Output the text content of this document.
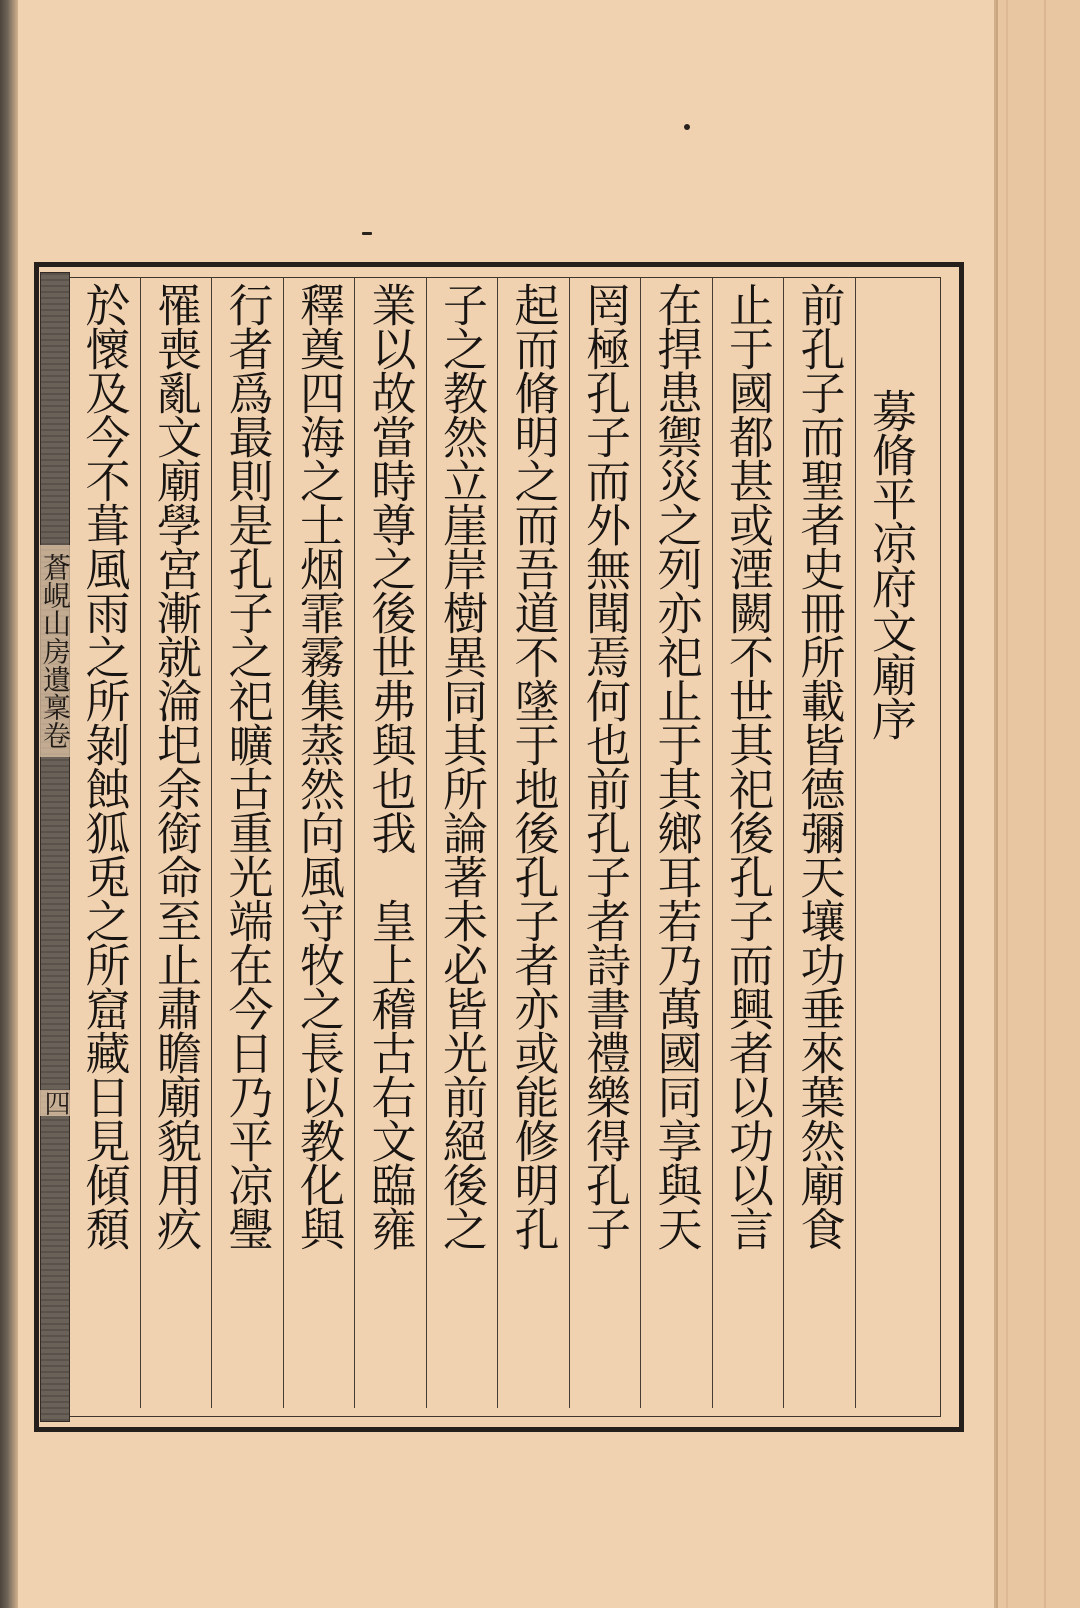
蒼峴山房遺稟卷
四
募脩平凉府文廟序
前孔子而聖者史冊所載皆德彌天壤功垂來葉然廟食
止于國都甚或湮闕不世其祀後孔子而興者以功以言
在捍患禦災之列亦祀止于其鄉耳若乃萬國同享與天
罔極孔子而外無聞焉何也前孔子者詩書禮樂得孔子
起而脩明之而吾道不墜于地後孔子者亦或能修明孔
子之教然立崖岸樹異同其所論著未必皆光前絕後之
業以故當時尊之後世弗與也我　皇上稽古右文臨雍
釋奠四海之士烟霏霧集蒸然向風守牧之長以教化與
行者爲最則是孔子之祀曠古重光端在今日乃平凉璺
罹喪亂文廟學宮漸就淪圯余銜命至止肅瞻廟貌用疚
於懷及今不葺風雨之所剝蝕狐兎之所窟藏日見傾頹
